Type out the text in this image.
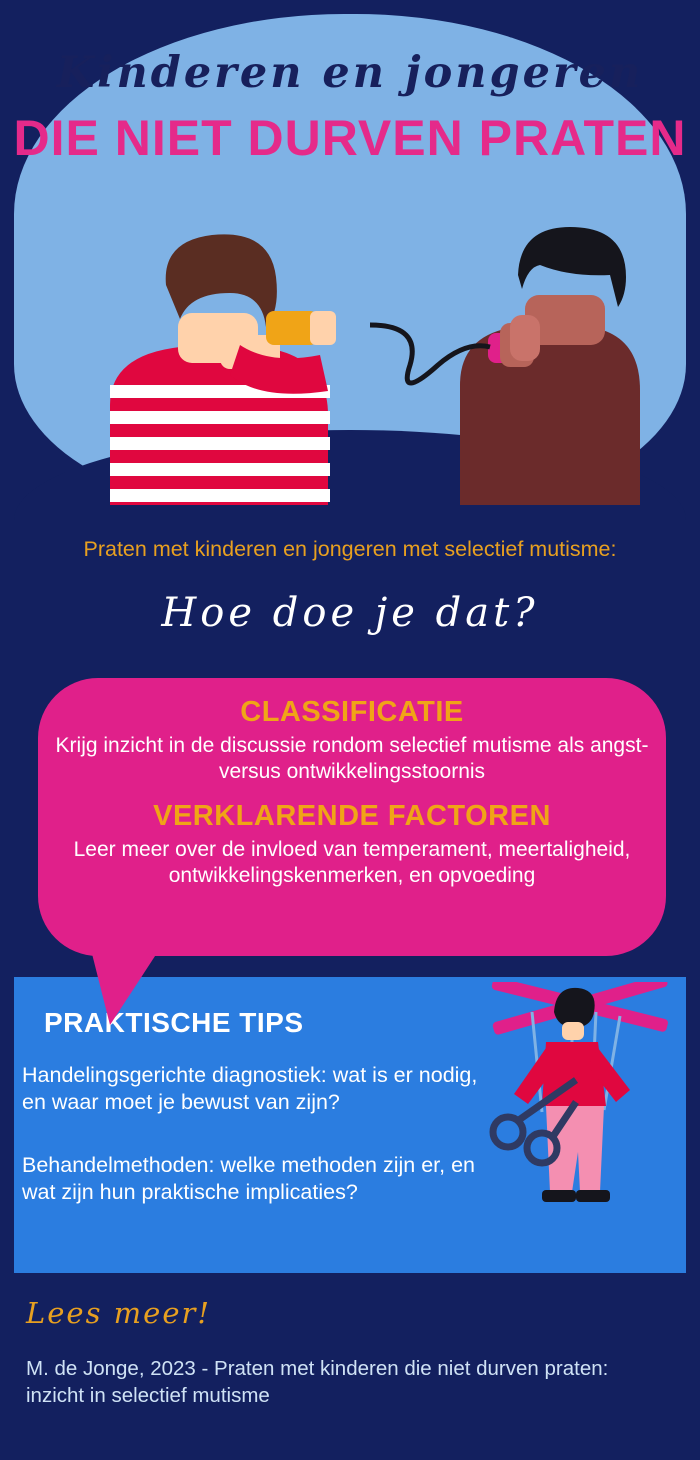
Kinderen en jongeren
DIE NIET DURVEN PRATEN
Praten met kinderen en jongeren met selectief mutisme:
Hoe doe je dat?
CLASSIFICATIE
Krijg inzicht in de discussie rondom selectief mutisme als angst- versus ontwikkelingsstoornis
VERKLARENDE FACTOREN
Leer meer over de invloed van temperament, meertaligheid, ontwikkelingskenmerken, en opvoeding
PRAKTISCHE TIPS
Handelingsgerichte diagnostiek: wat is er nodig, en waar moet je bewust van zijn?
Behandelmethoden: welke methoden zijn er, en wat zijn hun praktische implicaties?
Lees meer!
M. de Jonge, 2023 - Praten met kinderen die niet durven praten: inzicht in selectief mutisme
